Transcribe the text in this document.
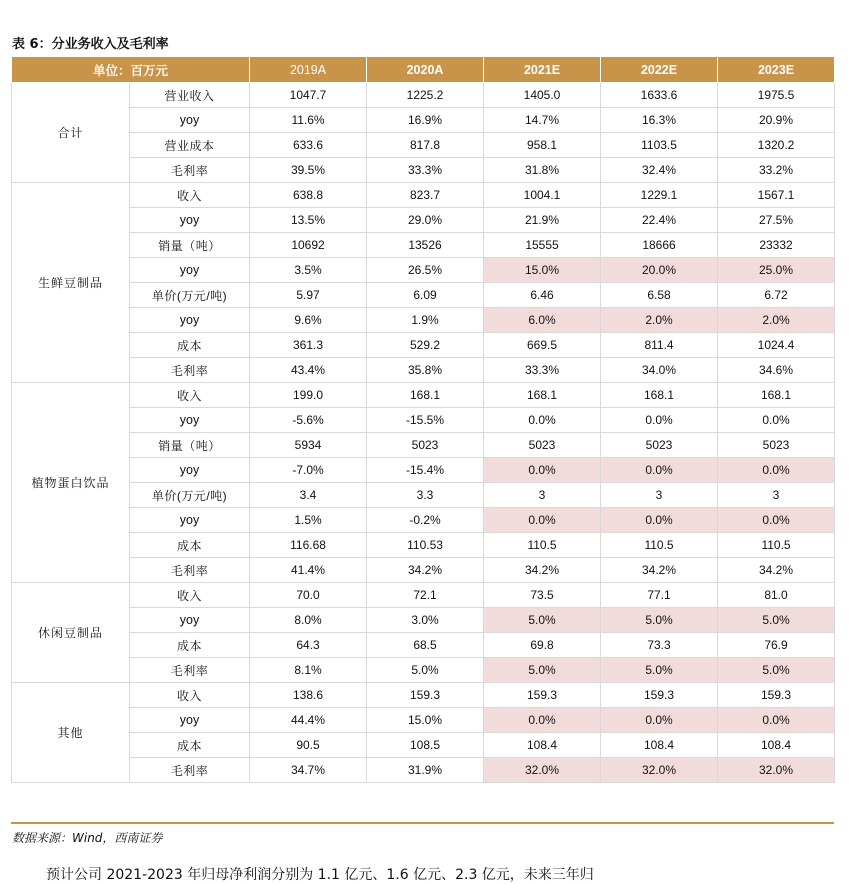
表 6：分业务收入及毛利率
单位：百万元		2019A	2020A	2021E	2022E	2023E
合计	营业收入	1047.7	1225.2	1405.0	1633.6	1975.5
	yoy	11.6%	16.9%	14.7%	16.3%	20.9%
	营业成本	633.6	817.8	958.1	1103.5	1320.2
	毛利率	39.5%	33.3%	31.8%	32.4%	33.2%
生鲜豆制品	收入	638.8	823.7	1004.1	1229.1	1567.1
	yoy	13.5%	29.0%	21.9%	22.4%	27.5%
	销量（吨）	10692	13526	15555	18666	23332
	yoy	3.5%	26.5%	15.0%	20.0%	25.0%
	单价(万元/吨)	5.97	6.09	6.46	6.58	6.72
	yoy	9.6%	1.9%	6.0%	2.0%	2.0%
	成本	361.3	529.2	669.5	811.4	1024.4
	毛利率	43.4%	35.8%	33.3%	34.0%	34.6%
植物蛋白饮品	收入	199.0	168.1	168.1	168.1	168.1
	yoy	-5.6%	-15.5%	0.0%	0.0%	0.0%
	销量（吨）	5934	5023	5023	5023	5023
	yoy	-7.0%	-15.4%	0.0%	0.0%	0.0%
	单价(万元/吨)	3.4	3.3	3	3	3
	yoy	1.5%	-0.2%	0.0%	0.0%	0.0%
	成本	116.68	110.53	110.5	110.5	110.5
	毛利率	41.4%	34.2%	34.2%	34.2%	34.2%
休闲豆制品	收入	70.0	72.1	73.5	77.1	81.0
	yoy	8.0%	3.0%	5.0%	5.0%	5.0%
	成本	64.3	68.5	69.8	73.3	76.9
	毛利率	8.1%	5.0%	5.0%	5.0%	5.0%
其他	收入	138.6	159.3	159.3	159.3	159.3
	yoy	44.4%	15.0%	0.0%	0.0%	0.0%
	成本	90.5	108.5	108.4	108.4	108.4
	毛利率	34.7%	31.9%	32.0%	32.0%	32.0%
数据来源：Wind，西南证券
预计公司 2021-2023 年归母净利润分别为 1.1 亿元、1.6 亿元、2.3 亿元，未来三年归
